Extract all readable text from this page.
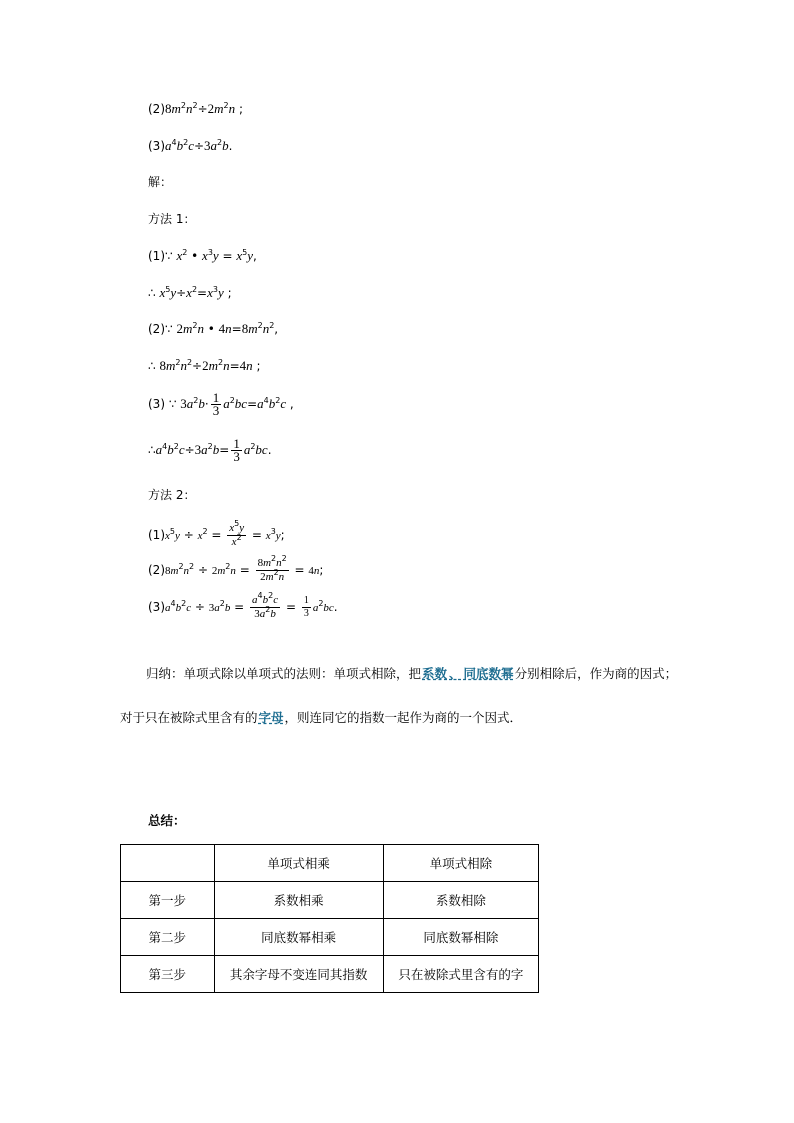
$(2)8m^2n^2\div 2m^2n$ ;
$(3)a^4b^2c\div 3a^2b$.
解：
方法 1：
(1)∵ $x^2$ • $x^3y = x^5y$,
∴ $x^5y\div x^2=x^3y$ ;
(2)∵ $2m^2n$ • $4n=8m^2n^2$,
∴ $8m^2n^2\div 2m^2n=4n$ ;
(3) ∵ $3a^2b\cdot \frac{1}{3} a^2bc=a^4b^2c$ ,
$\therefore a^4b^2c\div 3a^2b= \frac{1}{3} a^2bc$.
方法 2：
$(1)x^5y \div x^2 = \frac{x^5y}{x^2} = x^3y$;
$(2)8m^2n^2 \div 2m^2n = \frac{8m^2n^2}{2m^2n} = 4n$;
$(3)a^4b^2c \div 3a^2b = \frac{a^4b^2c}{3a^2b} = \frac{1}{3} a^2bc$.
归纳：单项式除以单项式的法则：单项式相除，把系数 、 同底数幂分别相除后，作为商的因式；对于只在被除式里含有的字母，则连同它的指数一起作为商的一个因式．
总结：
	单项式相乘	单项式相除
第一步	系数相乘	系数相除
第二步	同底数幂相乘	同底数幂相除
第三步	其余字母不变连同其指数	只在被除式里含有的字
